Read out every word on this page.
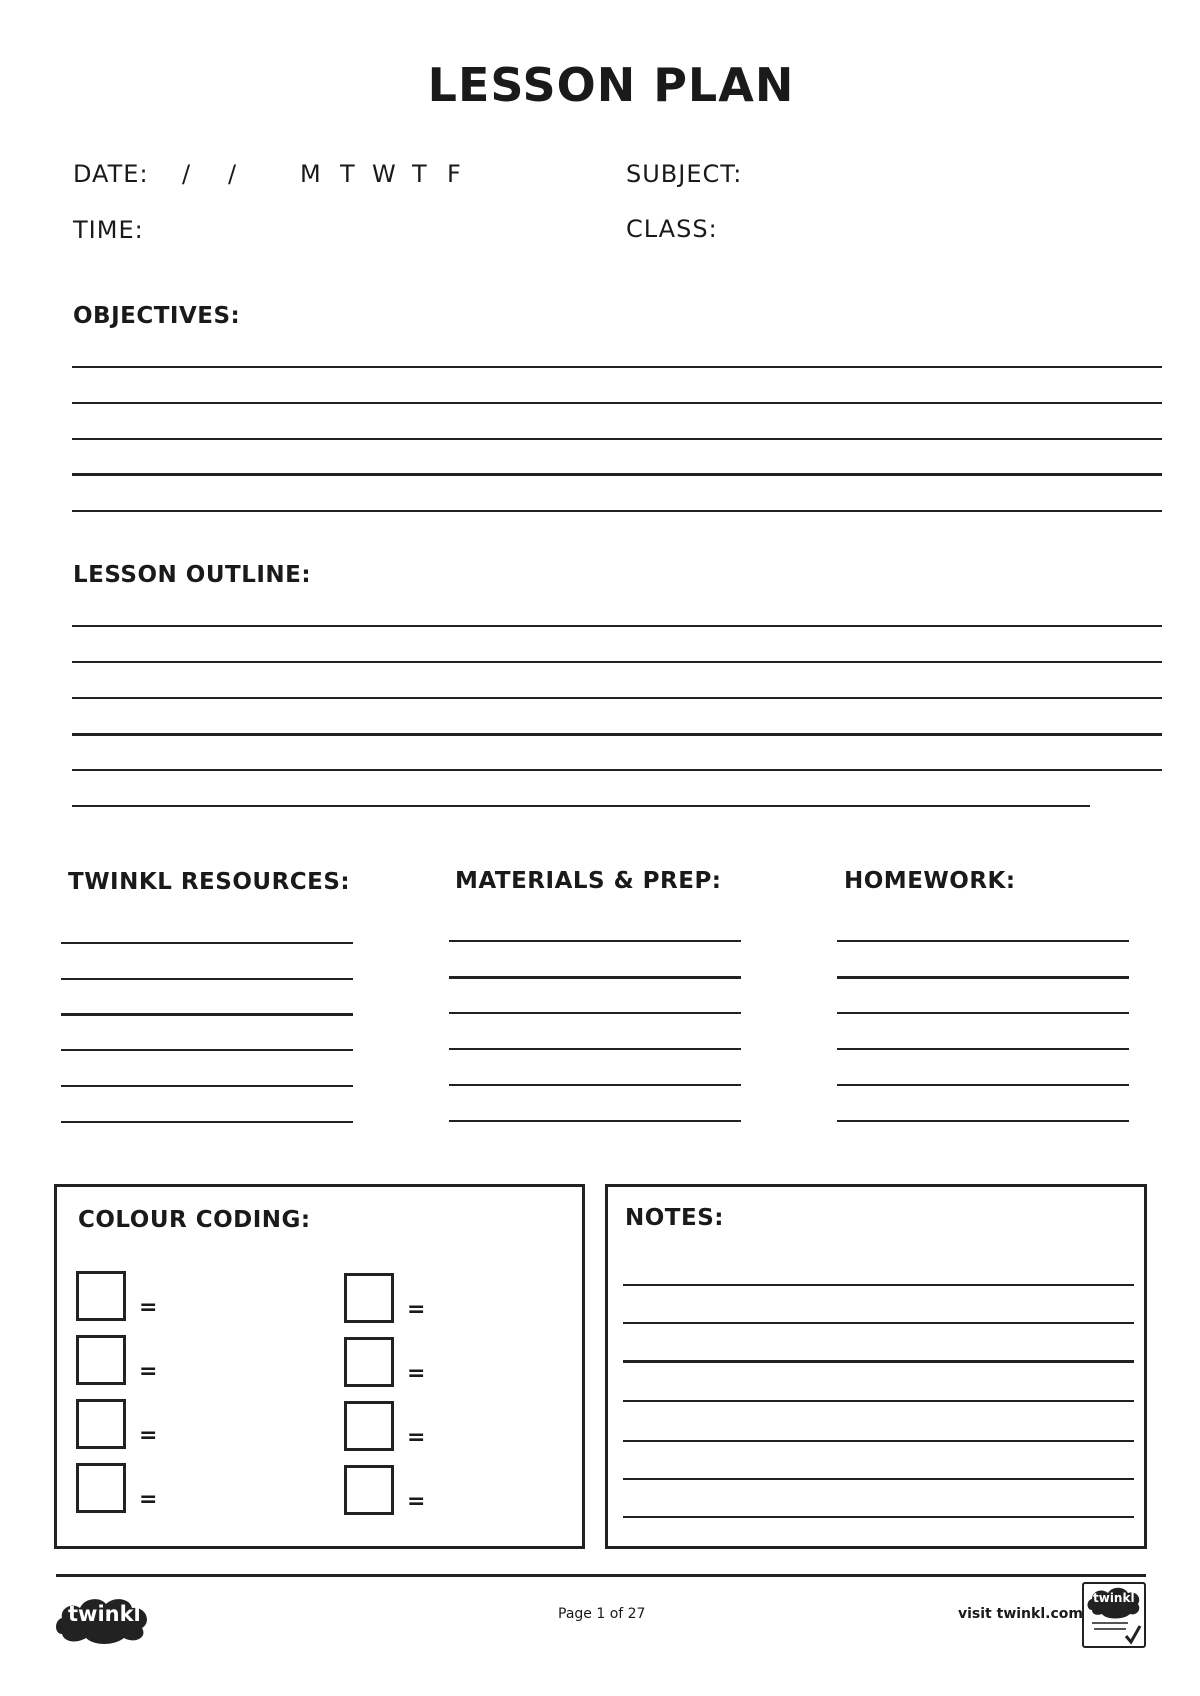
LESSON PLAN
DATE: / /	M T W T F	SUBJECT:
TIME:	CLASS:
OBJECTIVES:
LESSON OUTLINE:
TWINKL RESOURCES:	MATERIALS & PREP:	HOMEWORK:
COLOUR CODING:
=
=
=
=
=
=
=
=
NOTES:
twinkl	Page 1 of 27	visit twinkl.com
twinkl
